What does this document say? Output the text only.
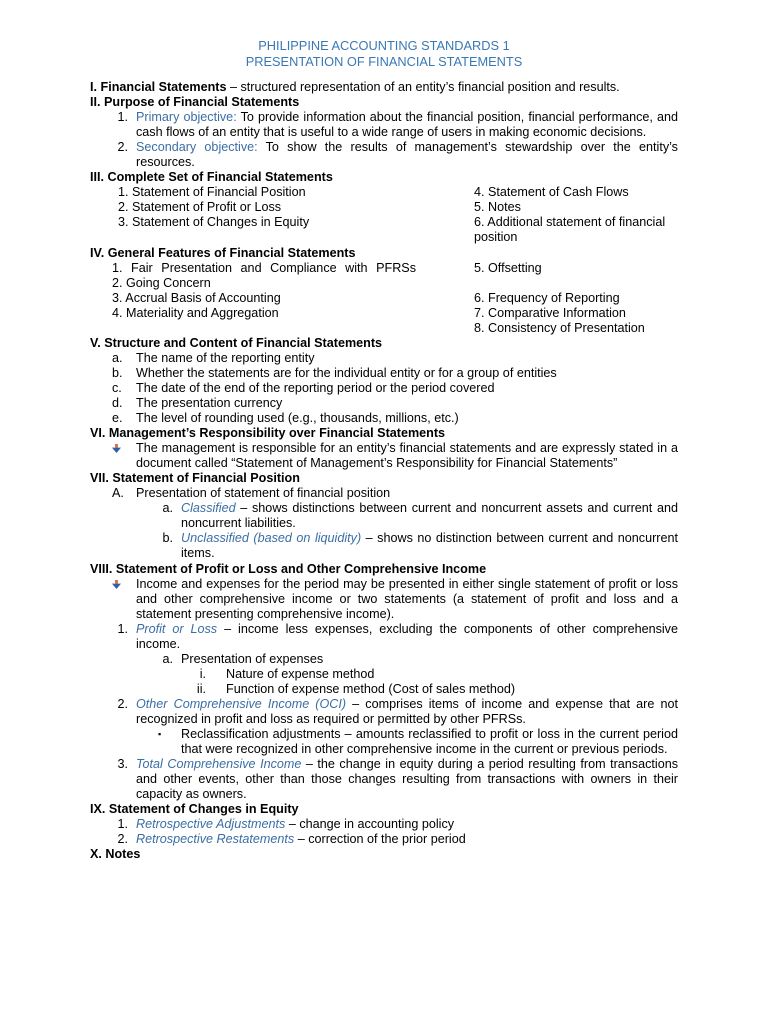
PHILIPPINE ACCOUNTING STANDARDS 1
PRESENTATION OF FINANCIAL STATEMENTS
I. Financial Statements – structured representation of an entity’s financial position and results.
II. Purpose of Financial Statements
1. Primary objective: To provide information about the financial position, financial performance, and cash flows of an entity that is useful to a wide range of users in making economic decisions.
2. Secondary objective: To show the results of management’s stewardship over the entity’s resources.
III. Complete Set of Financial Statements
1. Statement of Financial Position
2. Statement of Profit or Loss
3. Statement of Changes in Equity
4. Statement of Cash Flows
5. Notes
6. Additional statement of financial position
IV. General Features of Financial Statements
1. Fair Presentation and Compliance with PFRSs
2. Going Concern
3. Accrual Basis of Accounting
4. Materiality and Aggregation
5. Offsetting

6. Frequency of Reporting
7. Comparative Information
8. Consistency of Presentation
V. Structure and Content of Financial Statements
a.	The name of the reporting entity
b.	Whether the statements are for the individual entity or for a group of entities
c.	The date of the end of the reporting period or the period covered
d.	The presentation currency
e.	The level of rounding used (e.g., thousands, millions, etc.)
VI. Management’s Responsibility over Financial Statements
The management is responsible for an entity’s financial statements and are expressly stated in a document called “Statement of Management’s Responsibility for Financial Statements”
VII. Statement of Financial Position
A. Presentation of statement of financial position
a. Classified – shows distinctions between current and noncurrent assets and current and noncurrent liabilities.
b. Unclassified (based on liquidity) – shows no distinction between current and noncurrent items.
VIII. Statement of Profit or Loss and Other Comprehensive Income
Income and expenses for the period may be presented in either single statement of profit or loss and other comprehensive income or two statements (a statement of profit and loss and a statement presenting comprehensive income).
1. Profit or Loss – income less expenses, excluding the components of other comprehensive income.
a. Presentation of expenses
i.	Nature of expense method
ii.	Function of expense method (Cost of sales method)
2. Other Comprehensive Income (OCI) – comprises items of income and expense that are not recognized in profit and loss as required or permitted by other PFRSs.
▪	Reclassification adjustments – amounts reclassified to profit or loss in the current period that were recognized in other comprehensive income in the current or previous periods.
3. Total Comprehensive Income – the change in equity during a period resulting from transactions and other events, other than those changes resulting from transactions with owners in their capacity as owners.
IX. Statement of Changes in Equity
1. Retrospective Adjustments – change in accounting policy
2. Retrospective Restatements – correction of the prior period
X. Notes
